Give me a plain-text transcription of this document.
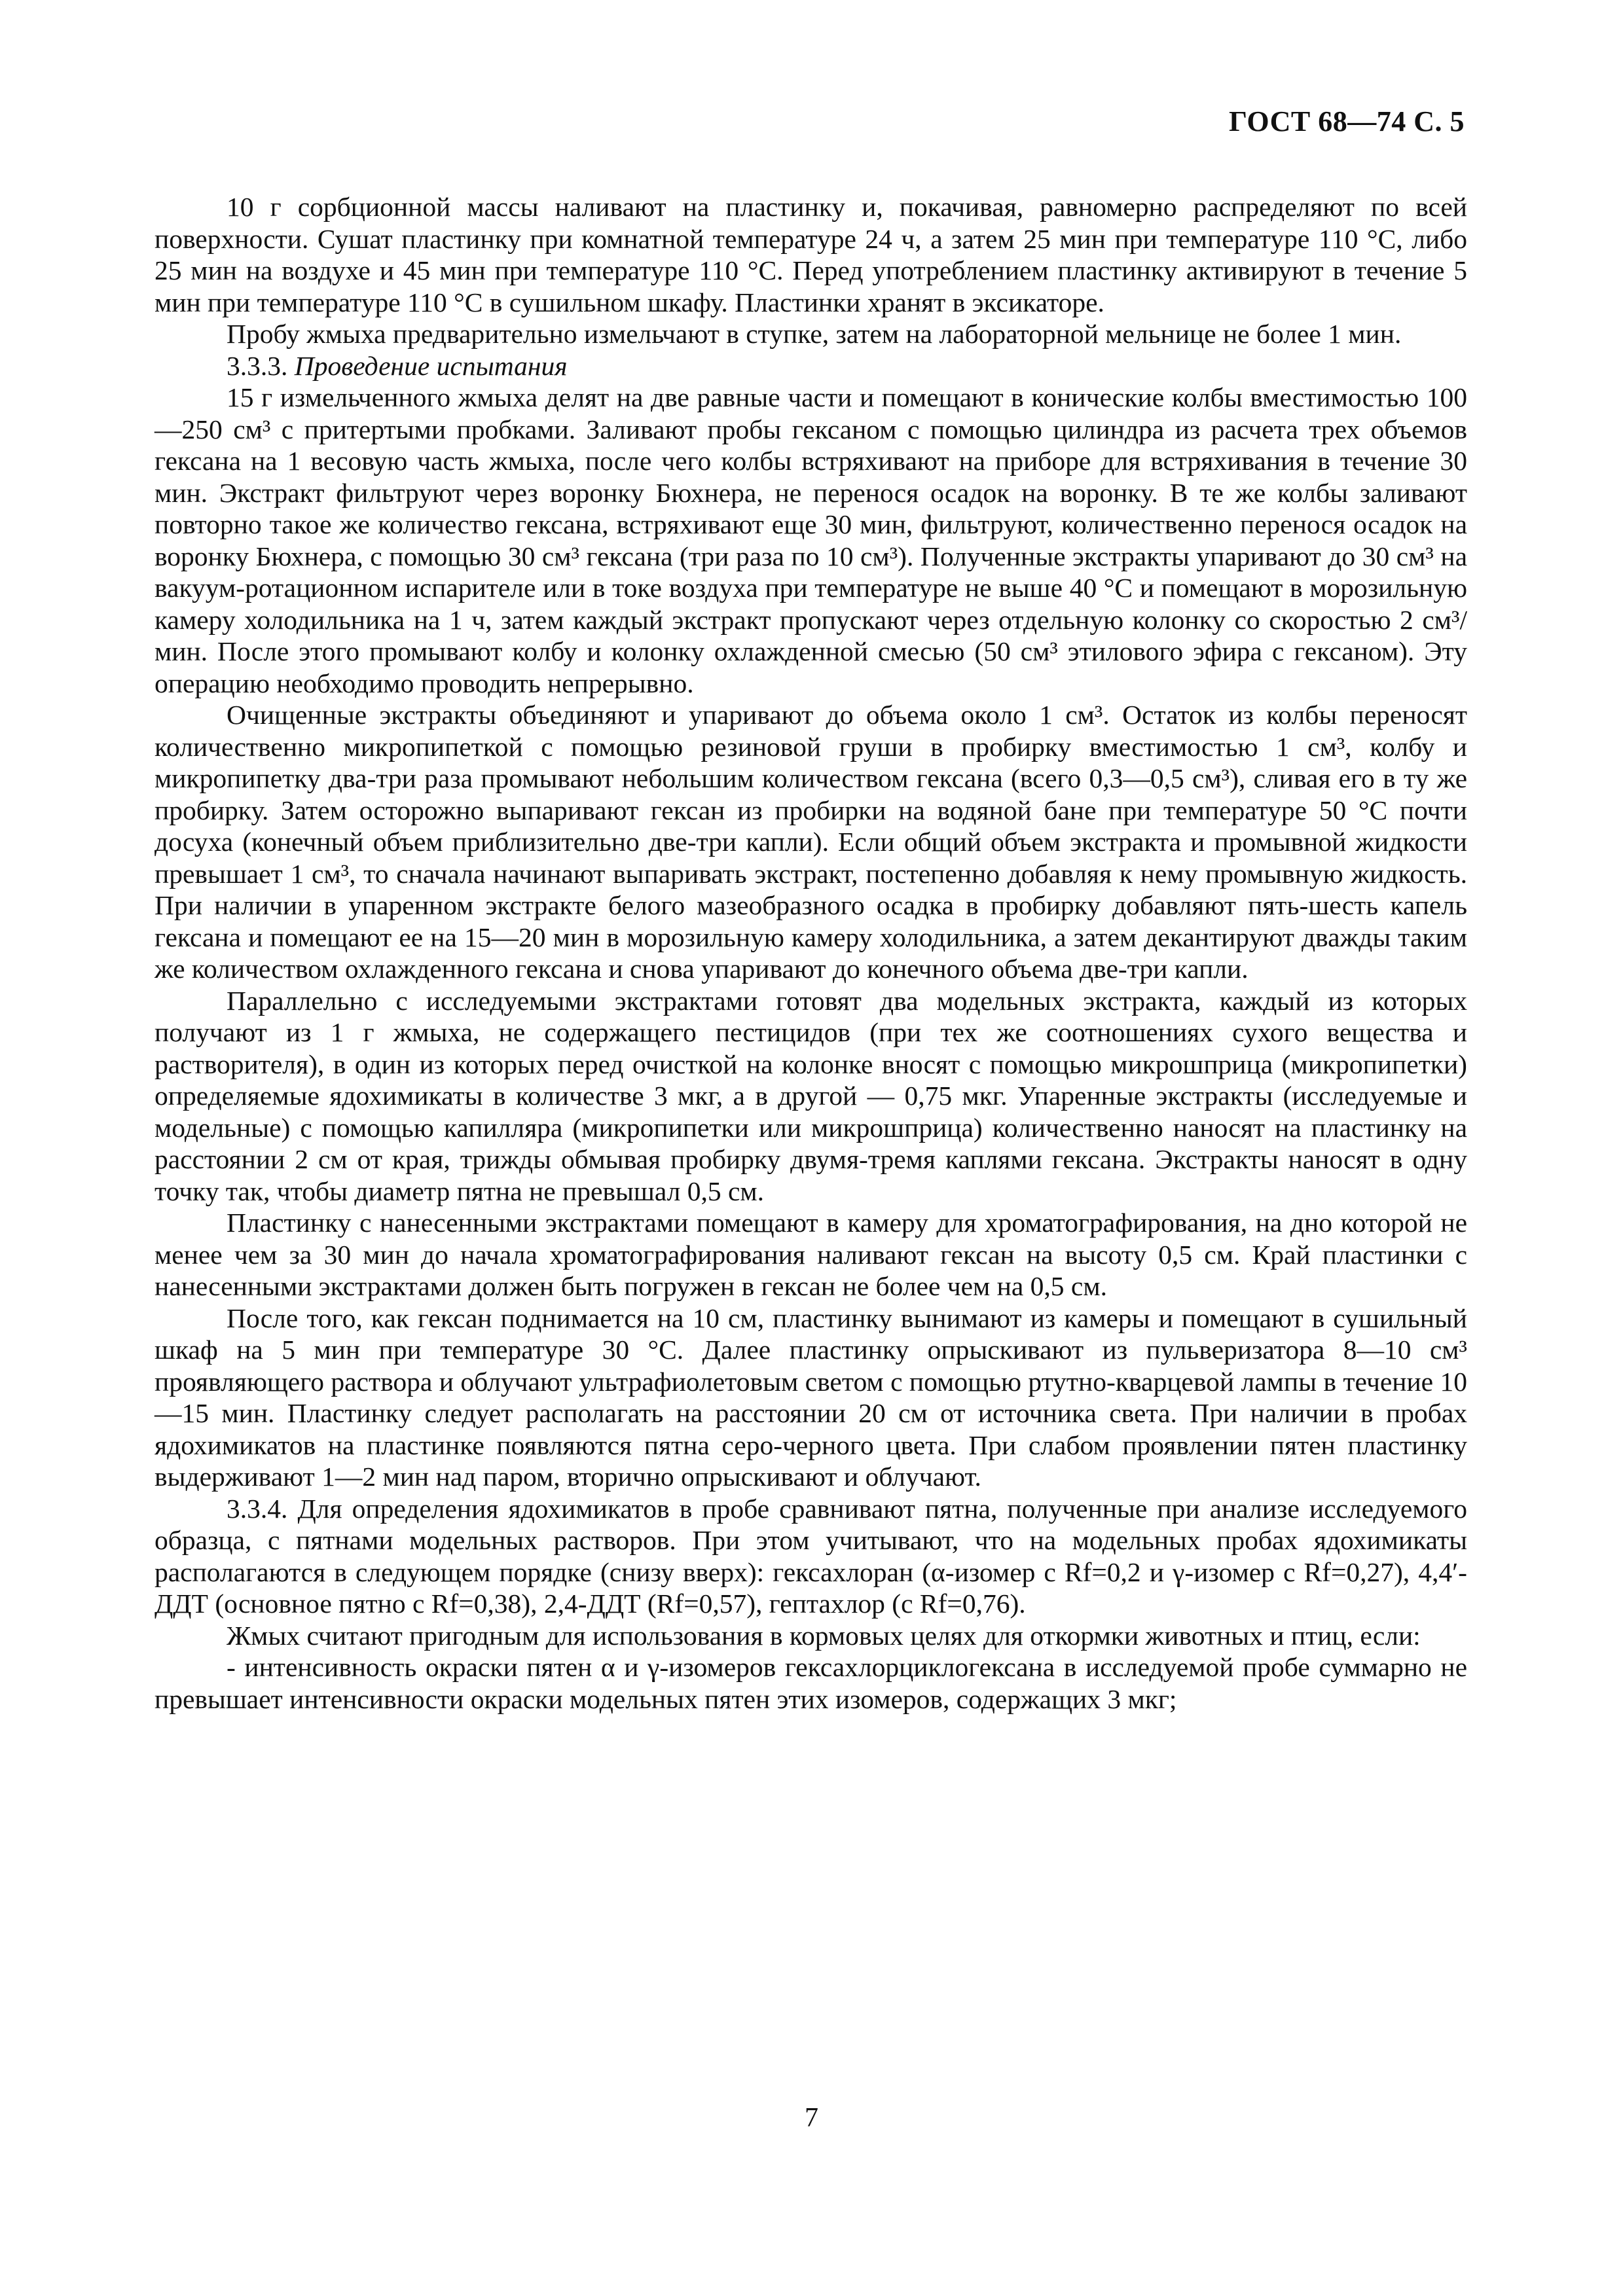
ГОСТ 68—74 С. 5

10 г сорбционной массы наливают на пластинку и, покачивая, равномерно распределяют по всей поверхности. Сушат пластинку при комнатной температуре 24 ч, а затем 25 мин при температуре 110 °С, либо 25 мин на воздухе и 45 мин при температуре 110 °С. Перед употреблением пластинку активируют в течение 5 мин при температуре 110 °С в сушильном шкафу. Пластинки хранят в эксикаторе.

Пробу жмыха предварительно измельчают в ступке, затем на лабораторной мельнице не более 1 мин.

3.3.3. Проведение испытания

15 г измельченного жмыха делят на две равные части и помещают в конические колбы вместимостью 100—250 см³ с притертыми пробками. Заливают пробы гексаном с помощью цилиндра из расчета трех объемов гексана на 1 весовую часть жмыха, после чего колбы встряхивают на приборе для встряхивания в течение 30 мин. Экстракт фильтруют через воронку Бюхнера, не перенося осадок на воронку. В те же колбы заливают повторно такое же количество гексана, встряхивают еще 30 мин, фильтруют, количественно перенося осадок на воронку Бюхнера, с помощью 30 см³ гексана (три раза по 10 см³). Полученные экстракты упаривают до 30 см³ на вакуум-ротационном испарителе или в токе воздуха при температуре не выше 40 °С и помещают в морозильную камеру холодильника на 1 ч, затем каждый экстракт пропускают через отдельную колонку со скоростью 2 см³/мин. После этого промывают колбу и колонку охлажденной смесью (50 см³ этилового эфира с гексаном). Эту операцию необходимо проводить непрерывно.

Очищенные экстракты объединяют и упаривают до объема около 1 см³. Остаток из колбы переносят количественно микропипеткой с помощью резиновой груши в пробирку вместимостью 1 см³, колбу и микропипетку два-три раза промывают небольшим количеством гексана (всего 0,3—0,5 см³), сливая его в ту же пробирку. Затем осторожно выпаривают гексан из пробирки на водяной бане при температуре 50 °С почти досуха (конечный объем приблизительно две-три капли). Если общий объем экстракта и промывной жидкости превышает 1 см³, то сначала начинают выпаривать экстракт, постепенно добавляя к нему промывную жидкость. При наличии в упаренном экстракте белого мазеобразного осадка в пробирку добавляют пять-шесть капель гексана и помещают ее на 15—20 мин в морозильную камеру холодильника, а затем декантируют дважды таким же количеством охлажденного гексана и снова упаривают до конечного объема две-три капли.

Параллельно с исследуемыми экстрактами готовят два модельных экстракта, каждый из которых получают из 1 г жмыха, не содержащего пестицидов (при тех же соотношениях сухого вещества и растворителя), в один из которых перед очисткой на колонке вносят с помощью микрошприца (микропипетки) определяемые ядохимикаты в количестве 3 мкг, а в другой — 0,75 мкг. Упаренные экстракты (исследуемые и модельные) с помощью капилляра (микропипетки или микрошприца) количественно наносят на пластинку на расстоянии 2 см от края, трижды обмывая пробирку двумя-тремя каплями гексана. Экстракты наносят в одну точку так, чтобы диаметр пятна не превышал 0,5 см.

Пластинку с нанесенными экстрактами помещают в камеру для хроматографирования, на дно которой не менее чем за 30 мин до начала хроматографирования наливают гексан на высоту 0,5 см. Край пластинки с нанесенными экстрактами должен быть погружен в гексан не более чем на 0,5 см.

После того, как гексан поднимается на 10 см, пластинку вынимают из камеры и помещают в сушильный шкаф на 5 мин при температуре 30 °С. Далее пластинку опрыскивают из пульверизатора 8—10 см³ проявляющего раствора и облучают ультрафиолетовым светом с помощью ртутно-кварцевой лампы в течение 10—15 мин. Пластинку следует располагать на расстоянии 20 см от источника света. При наличии в пробах ядохимикатов на пластинке появляются пятна серо-черного цвета. При слабом проявлении пятен пластинку выдерживают 1—2 мин над паром, вторично опрыскивают и облучают.

3.3.4. Для определения ядохимикатов в пробе сравнивают пятна, полученные при анализе исследуемого образца, с пятнами модельных растворов. При этом учитывают, что на модельных пробах ядохимикаты располагаются в следующем порядке (снизу вверх): гексахлоран (α-изомер с Rf=0,2 и γ-изомер с Rf=0,27), 4,4′-ДДТ (основное пятно с Rf=0,38), 2,4-ДДТ (Rf=0,57), гептахлор (с Rf=0,76).

Жмых считают пригодным для использования в кормовых целях для откормки животных и птиц, если:

- интенсивность окраски пятен α и γ-изомеров гексахлорциклогексана в исследуемой пробе суммарно не превышает интенсивности окраски модельных пятен этих изомеров, содержащих 3 мкг;

7
